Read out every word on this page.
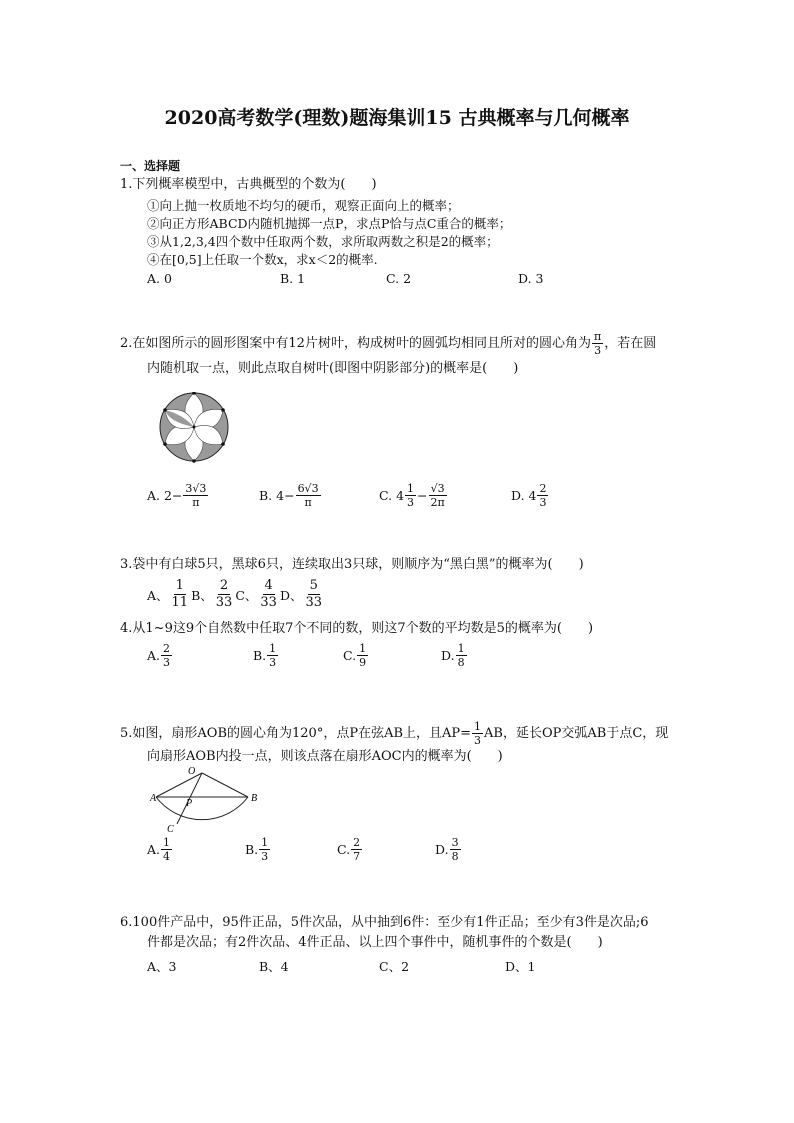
2020高考数学(理数)题海集训15 古典概率与几何概率
一、选择题
1.下列概率模型中，古典概型的个数为(　　)
①向上抛一枚质地不均匀的硬币，观察正面向上的概率；
②向正方形ABCD内随机抛掷一点P，求点P恰与点C重合的概率；
③从1,2,3,4四个数中任取两个数，求所取两数之积是2的概率；
④在[0,5]上任取一个数x，求x＜2的概率.
A. 0	B. 1	C. 2	D. 3
2.在如图所示的圆形图案中有12片树叶，构成树叶的圆弧均相同且所对的圆心角为 $\frac{\pi}{3}$ ，若在圆
内随机取一点，则此点取自树叶(即图中阴影部分)的概率是(　　)
A. $2- \frac{3√3}{\pi}$	B. $4- \frac{6√3}{\pi}$	C. $4 \frac{1}{3} - \frac{√3}{2\pi}$	D. $4 \frac{2}{3}$
3.袋中有白球5只，黑球6只，连续取出3只球，则顺序为“黑白黑”的概率为(　　)
A、 $\frac{1}{11}$ B、 $\frac{2}{33}$ C、 $\frac{4}{33}$ D、 $\frac{5}{33}$
4.从1~9这9个自然数中任取7个不同的数，则这7个数的平均数是5的概率为(　　)
A. $\frac{2}{3}$	B. $\frac{1}{3}$	C. $\frac{1}{9}$	D. $\frac{1}{8}$
5.如图，扇形AOB的圆心角为120°，点P在弦AB上，且$AP= \frac{1}{3}$ AB，延长OP交弧AB于点C，现
向扇形AOB内投一点，则该点落在扇形AOC内的概率为(　　)
A
O
B
P
C
A. $\frac{1}{4}$	B. $\frac{1}{3}$	C. $\frac{2}{7}$	D. $\frac{3}{8}$
6.100件产品中，95件正品，5件次品，从中抽到6件：至少有1件正品；至少有3件是次品;6
件都是次品；有2件次品、4件正品、以上四个事件中，随机事件的个数是(　　)
A、3	B、4	C、2	D、1
